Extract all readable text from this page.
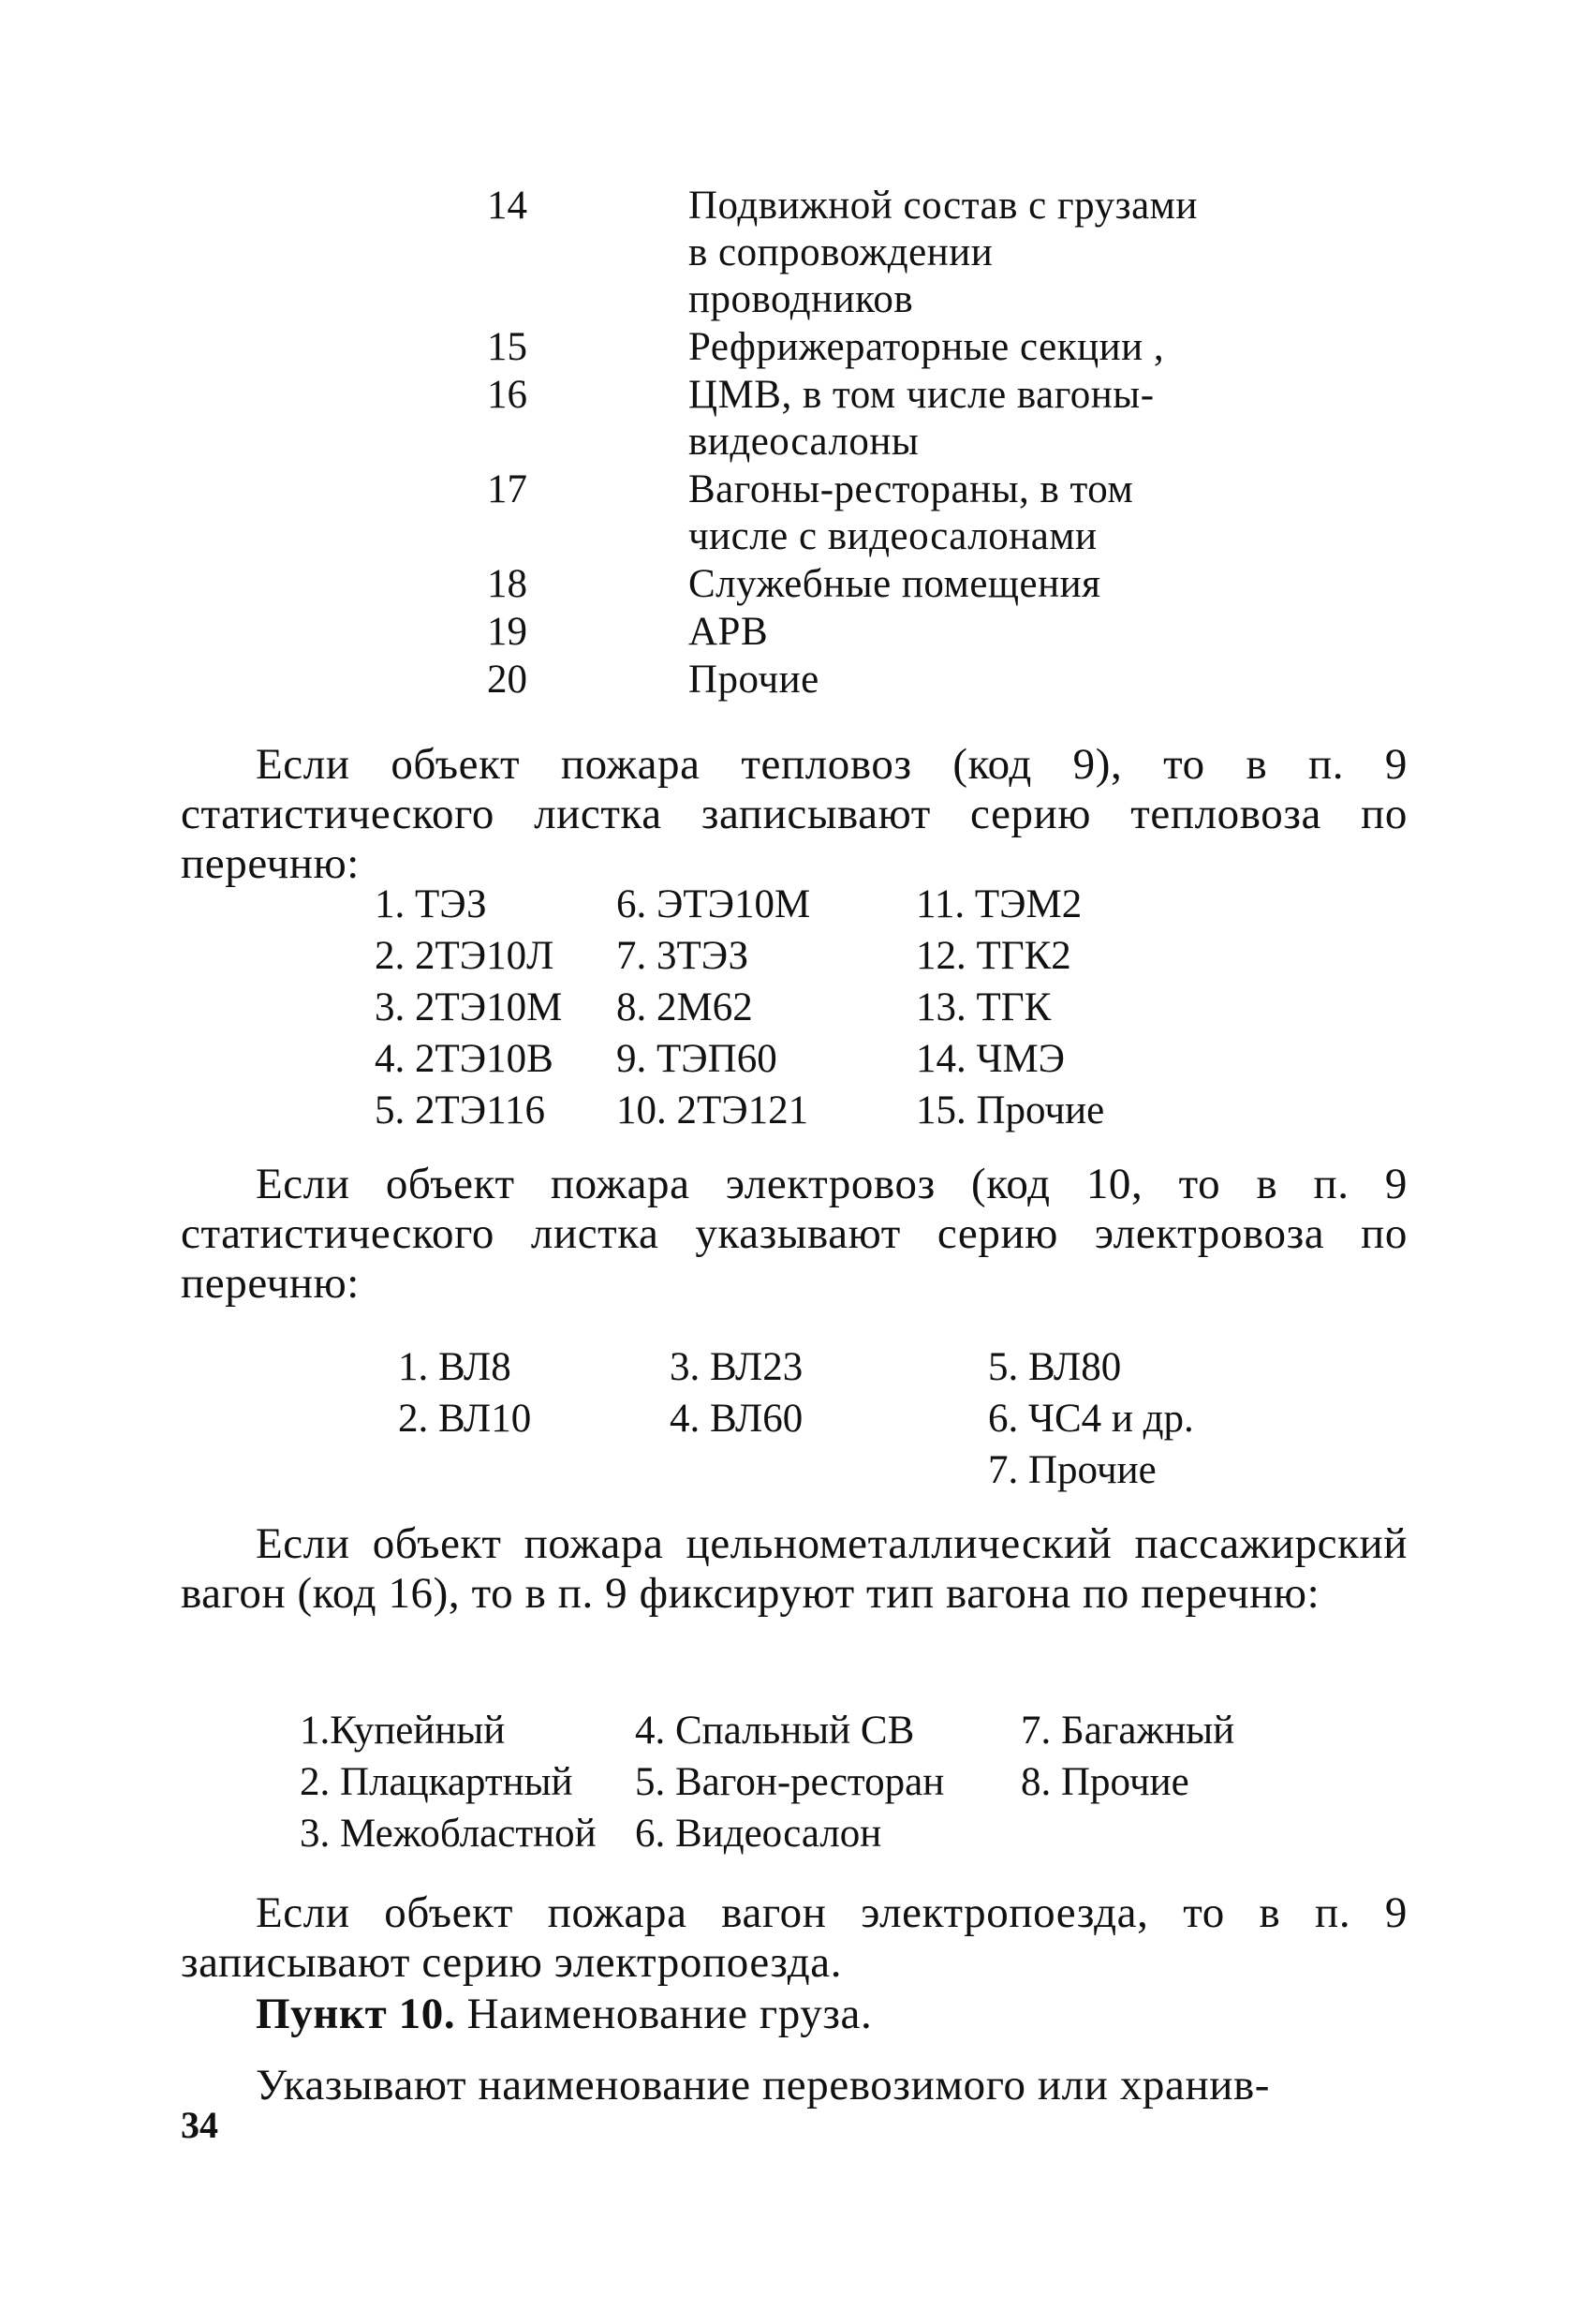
14	Подвижной состав с грузами в сопровождении проводников
15	Рефрижераторные секции ,
16	ЦМВ, в том числе вагоны-видеосалоны
17	Вагоны-рестораны, в том числе с видеосалонами
18	Служебные помещения
19	АРВ
20	Прочие

Если объект пожара тепловоз (код 9), то в п. 9 статистического листка записывают серию тепловоза по перечню:

1. ТЭЗ	6. ЭТЭ10М	11. ТЭМ2
2. 2ТЭ10Л	7. 3ТЭЗ	12. ТГК2
3. 2ТЭ10М	8. 2М62	13. ТГК
4. 2ТЭ10В	9. ТЭП60	14. ЧМЭ
5. 2ТЭ116	10. 2ТЭ121	15. Прочие

Если объект пожара электровоз (код 10, то в п. 9 статистического листка указывают серию электровоза по перечню:

1. ВЛ8	3. ВЛ23	5. ВЛ80
2. ВЛ10	4. ВЛ60	6. ЧС4 и др.
7. Прочие

Если объект пожара цельнометаллический пассажирский вагон (код 16), то в п. 9 фиксируют тип вагона по перечню:

1.Купейный	4. Спальный СВ	7. Багажный
2. Плацкартный	5. Вагон-ресторан	8. Прочие
3. Межобластной 6. Видеосалон

Если объект пожара вагон электропоезда, то в п. 9 записывают серию электропоезда.

Пункт 10. Наименование груза.

Указывают наименование перевозимого или хранив-

34
